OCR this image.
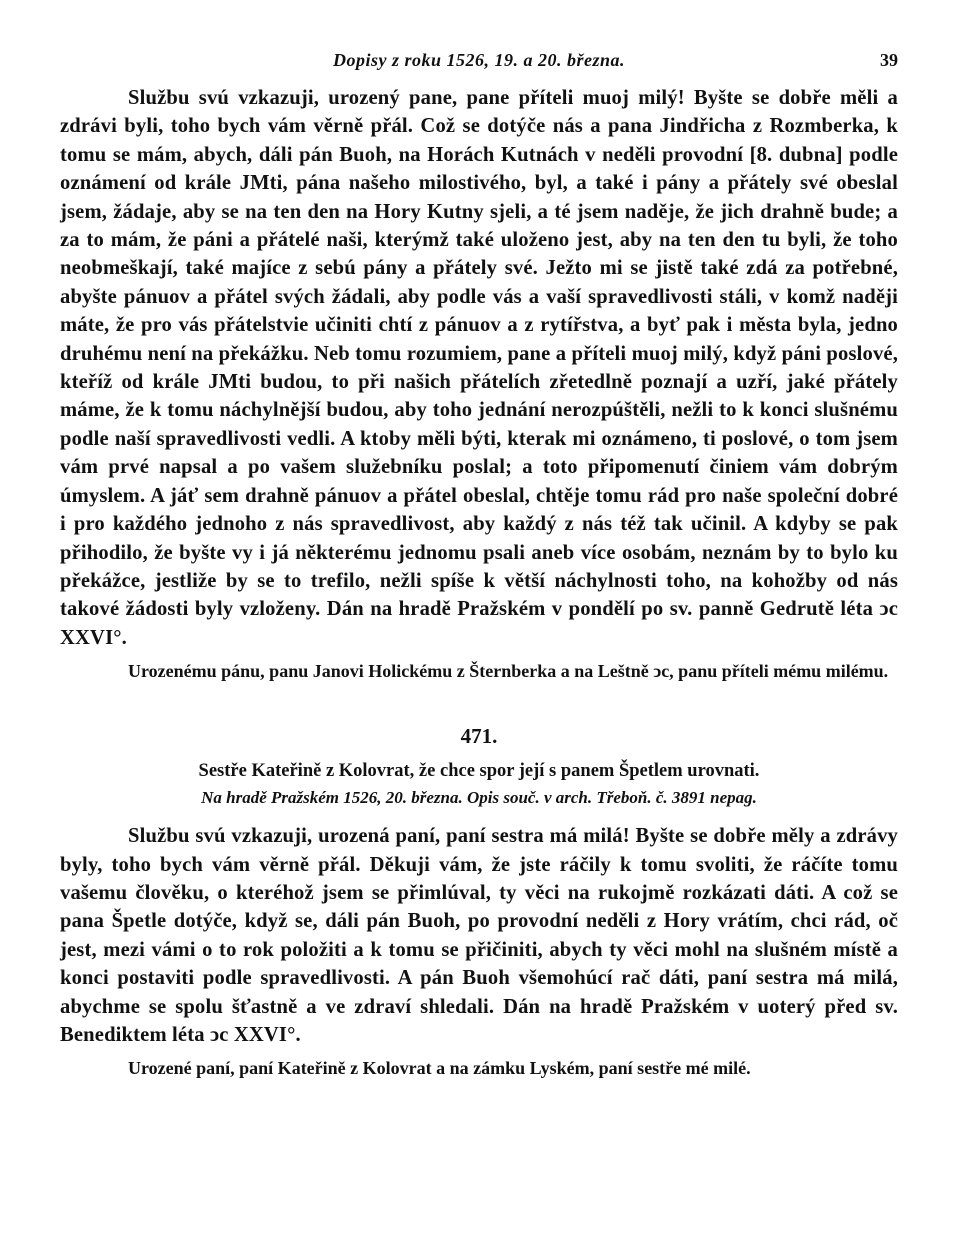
Dopisy z roku 1526, 19. a 20. března.	39

Službu svú vzkazuji, urozený pane, pane příteli muoj milý! Byšte se dobře měli a zdrávi byli, toho bych vám věrně přál. Což se dotýče nás a pana Jindřicha z Rozmberka, k tomu se mám, abych, dáli pán Buoh, na Horách Kutnách v neděli provodní [8. dubna] podle oznámení od krále JMti, pána našeho milostivého, byl, a také i pány a přátely své obeslal jsem, žádaje, aby se na ten den na Hory Kutny sjeli, a té jsem naděje, že jich drahně bude; a za to mám, že páni a přátelé naši, kterýmž také uloženo jest, aby na ten den tu byli, že toho neobmeškají, také majíce z sebú pány a přátely své. Ježto mi se jistě také zdá za potřebné, abyšte pánuov a přátel svých žádali, aby podle vás a vaší spravedlivosti stáli, v komž naději máte, že pro vás přátelstvie učiniti chtí z pánuov a z rytířstva, a byť pak i města byla, jedno druhému není na překážku. Neb tomu rozumiem, pane a příteli muoj milý, když páni poslové, kteříž od krále JMti budou, to při našich přátelích zřetedlně poznají a uzří, jaké přátely máme, že k tomu náchylnější budou, aby toho jednání nerozpúštěli, nežli to k konci slušnému podle naší spravedlivosti vedli. A ktoby měli býti, kterak mi oznámeno, ti poslové, o tom jsem vám prvé napsal a po vašem služebníku poslal; a toto připomenutí činiem vám dobrým úmyslem. A jáť sem drahně pánuov a přátel obeslal, chtěje tomu rád pro naše společní dobré i pro každého jednoho z nás spravedlivost, aby každý z nás též tak učinil. A kdyby se pak přihodilo, že byšte vy i já některému jednomu psali aneb více osobám, neznám by to bylo ku překážce, jestliže by se to trefilo, nežli spíše k větší náchylnosti toho, na kohožby od nás takové žádosti byly vzloženy. Dán na hradě Pražském v pondělí po sv. panně Gedrutě léta ↄc XXVI°.

Urozenému pánu, panu Janovi Holickému z Šternberka a na Leštně ↄc, panu příteli mému milému.

471.
Sestře Kateřině z Kolovrat, že chce spor její s panem Špetlem urovnati.
Na hradě Pražském 1526, 20. března. Opis souč. v arch. Třeboň. č. 3891 nepag.

Službu svú vzkazuji, urozená paní, paní sestra má milá! Byšte se dobře měly a zdrávy byly, toho bych vám věrně přál. Děkuji vám, že jste ráčily k tomu svoliti, že ráčíte tomu vašemu člověku, o kteréhož jsem se přimlúval, ty věci na rukojmě rozkázati dáti. A což se pana Špetle dotýče, když se, dáli pán Buoh, po provodní neděli z Hory vrátím, chci rád, oč jest, mezi vámi o to rok položiti a k tomu se přičiniti, abych ty věci mohl na slušném místě a konci postaviti podle spravedlivosti. A pán Buoh všemohúcí rač dáti, paní sestra má milá, abychme se spolu šťastně a ve zdraví shledali. Dán na hradě Pražském v uoterý před sv. Benediktem léta ↄc XXVI°.

Urozené paní, paní Kateřině z Kolovrat a na zámku Lyském, paní sestře mé milé.
